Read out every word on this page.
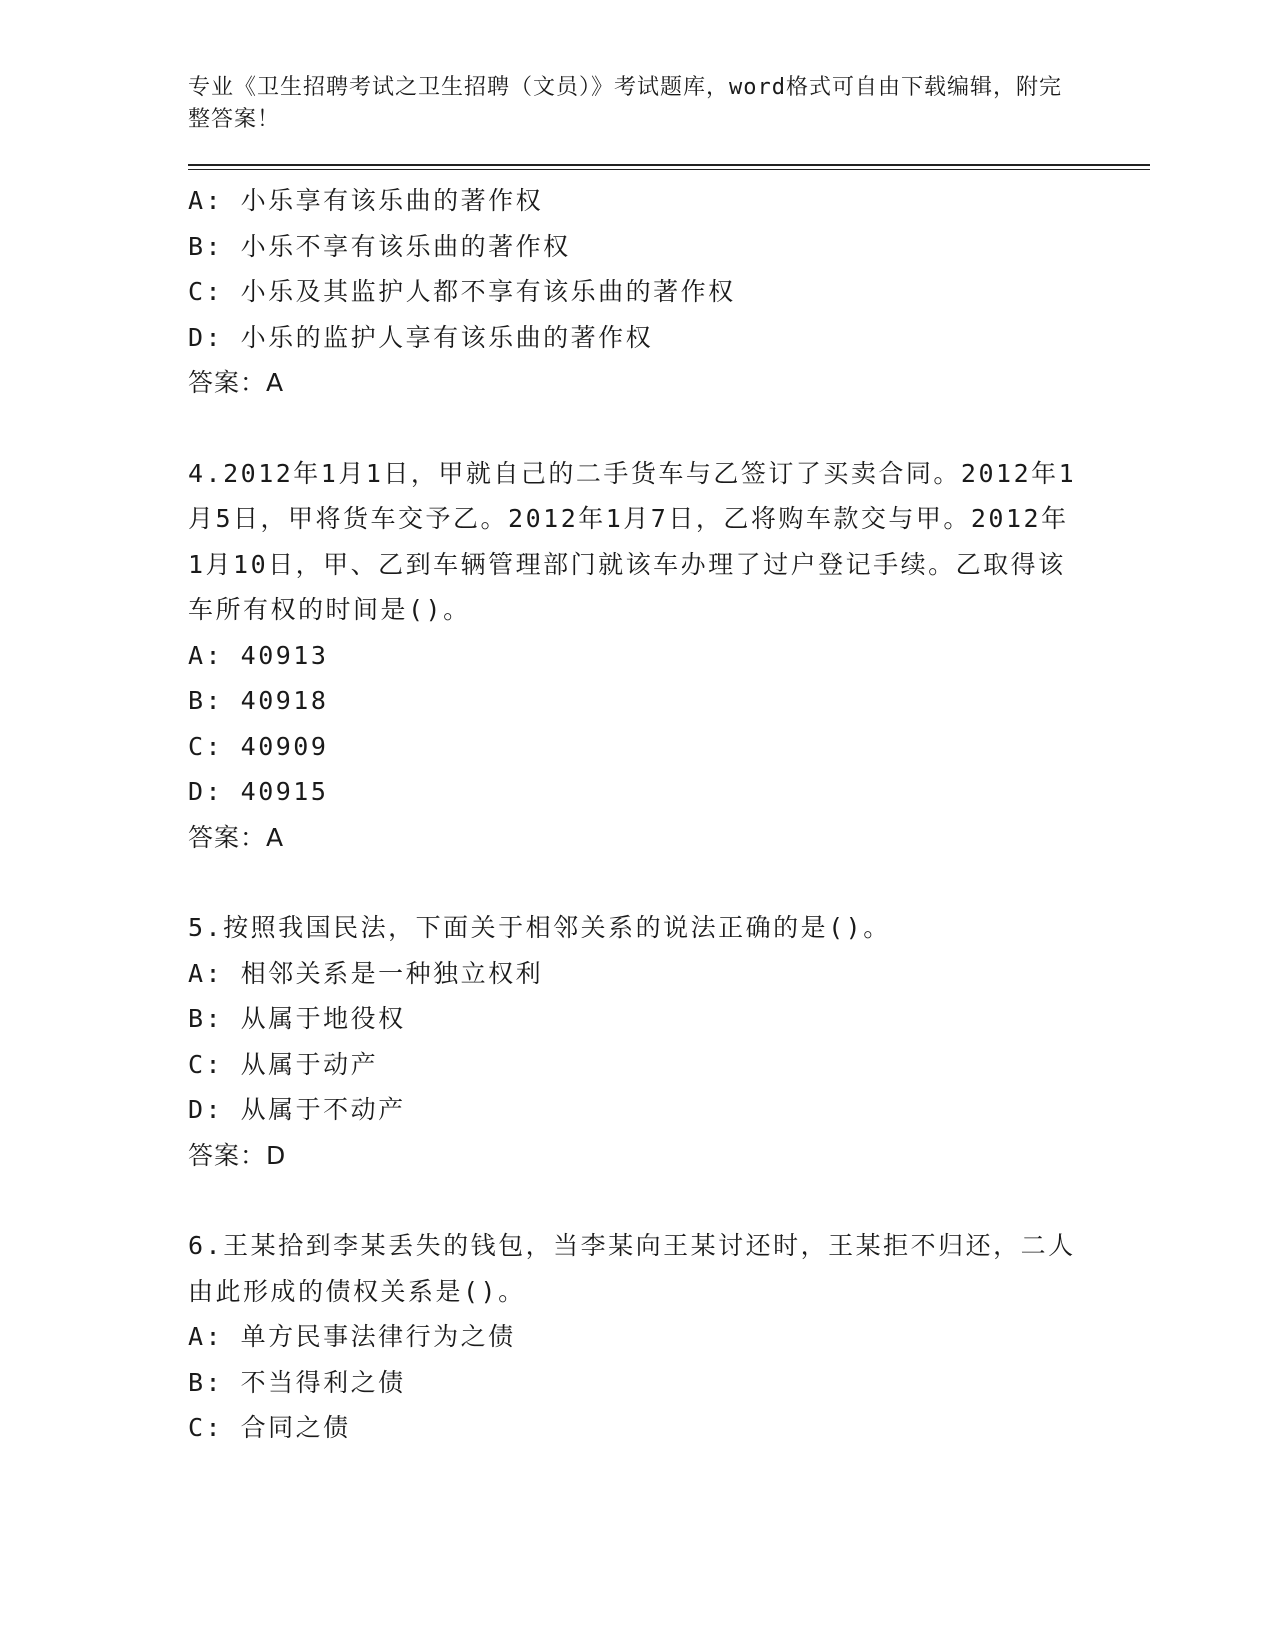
专业《卫生招聘考试之卫生招聘（文员）》考试题库，word格式可自由下载编辑，附完整答案！

A: 小乐享有该乐曲的著作权
B: 小乐不享有该乐曲的著作权
C: 小乐及其监护人都不享有该乐曲的著作权
D: 小乐的监护人享有该乐曲的著作权
答案：A
4.2012年1月1日，甲就自己的二手货车与乙签订了买卖合同。2012年1月5日，甲将货车交予乙。2012年1月7日，乙将购车款交与甲。2012年1月10日，甲、乙到车辆管理部门就该车办理了过户登记手续。乙取得该车所有权的时间是()。
A: 40913
B: 40918
C: 40909
D: 40915
答案：A
5.按照我国民法，下面关于相邻关系的说法正确的是()。
A: 相邻关系是一种独立权利
B: 从属于地役权
C: 从属于动产
D: 从属于不动产
答案：D
6.王某拾到李某丢失的钱包，当李某向王某讨还时，王某拒不归还，二人由此形成的债权关系是()。
A: 单方民事法律行为之债
B: 不当得利之债
C: 合同之债
